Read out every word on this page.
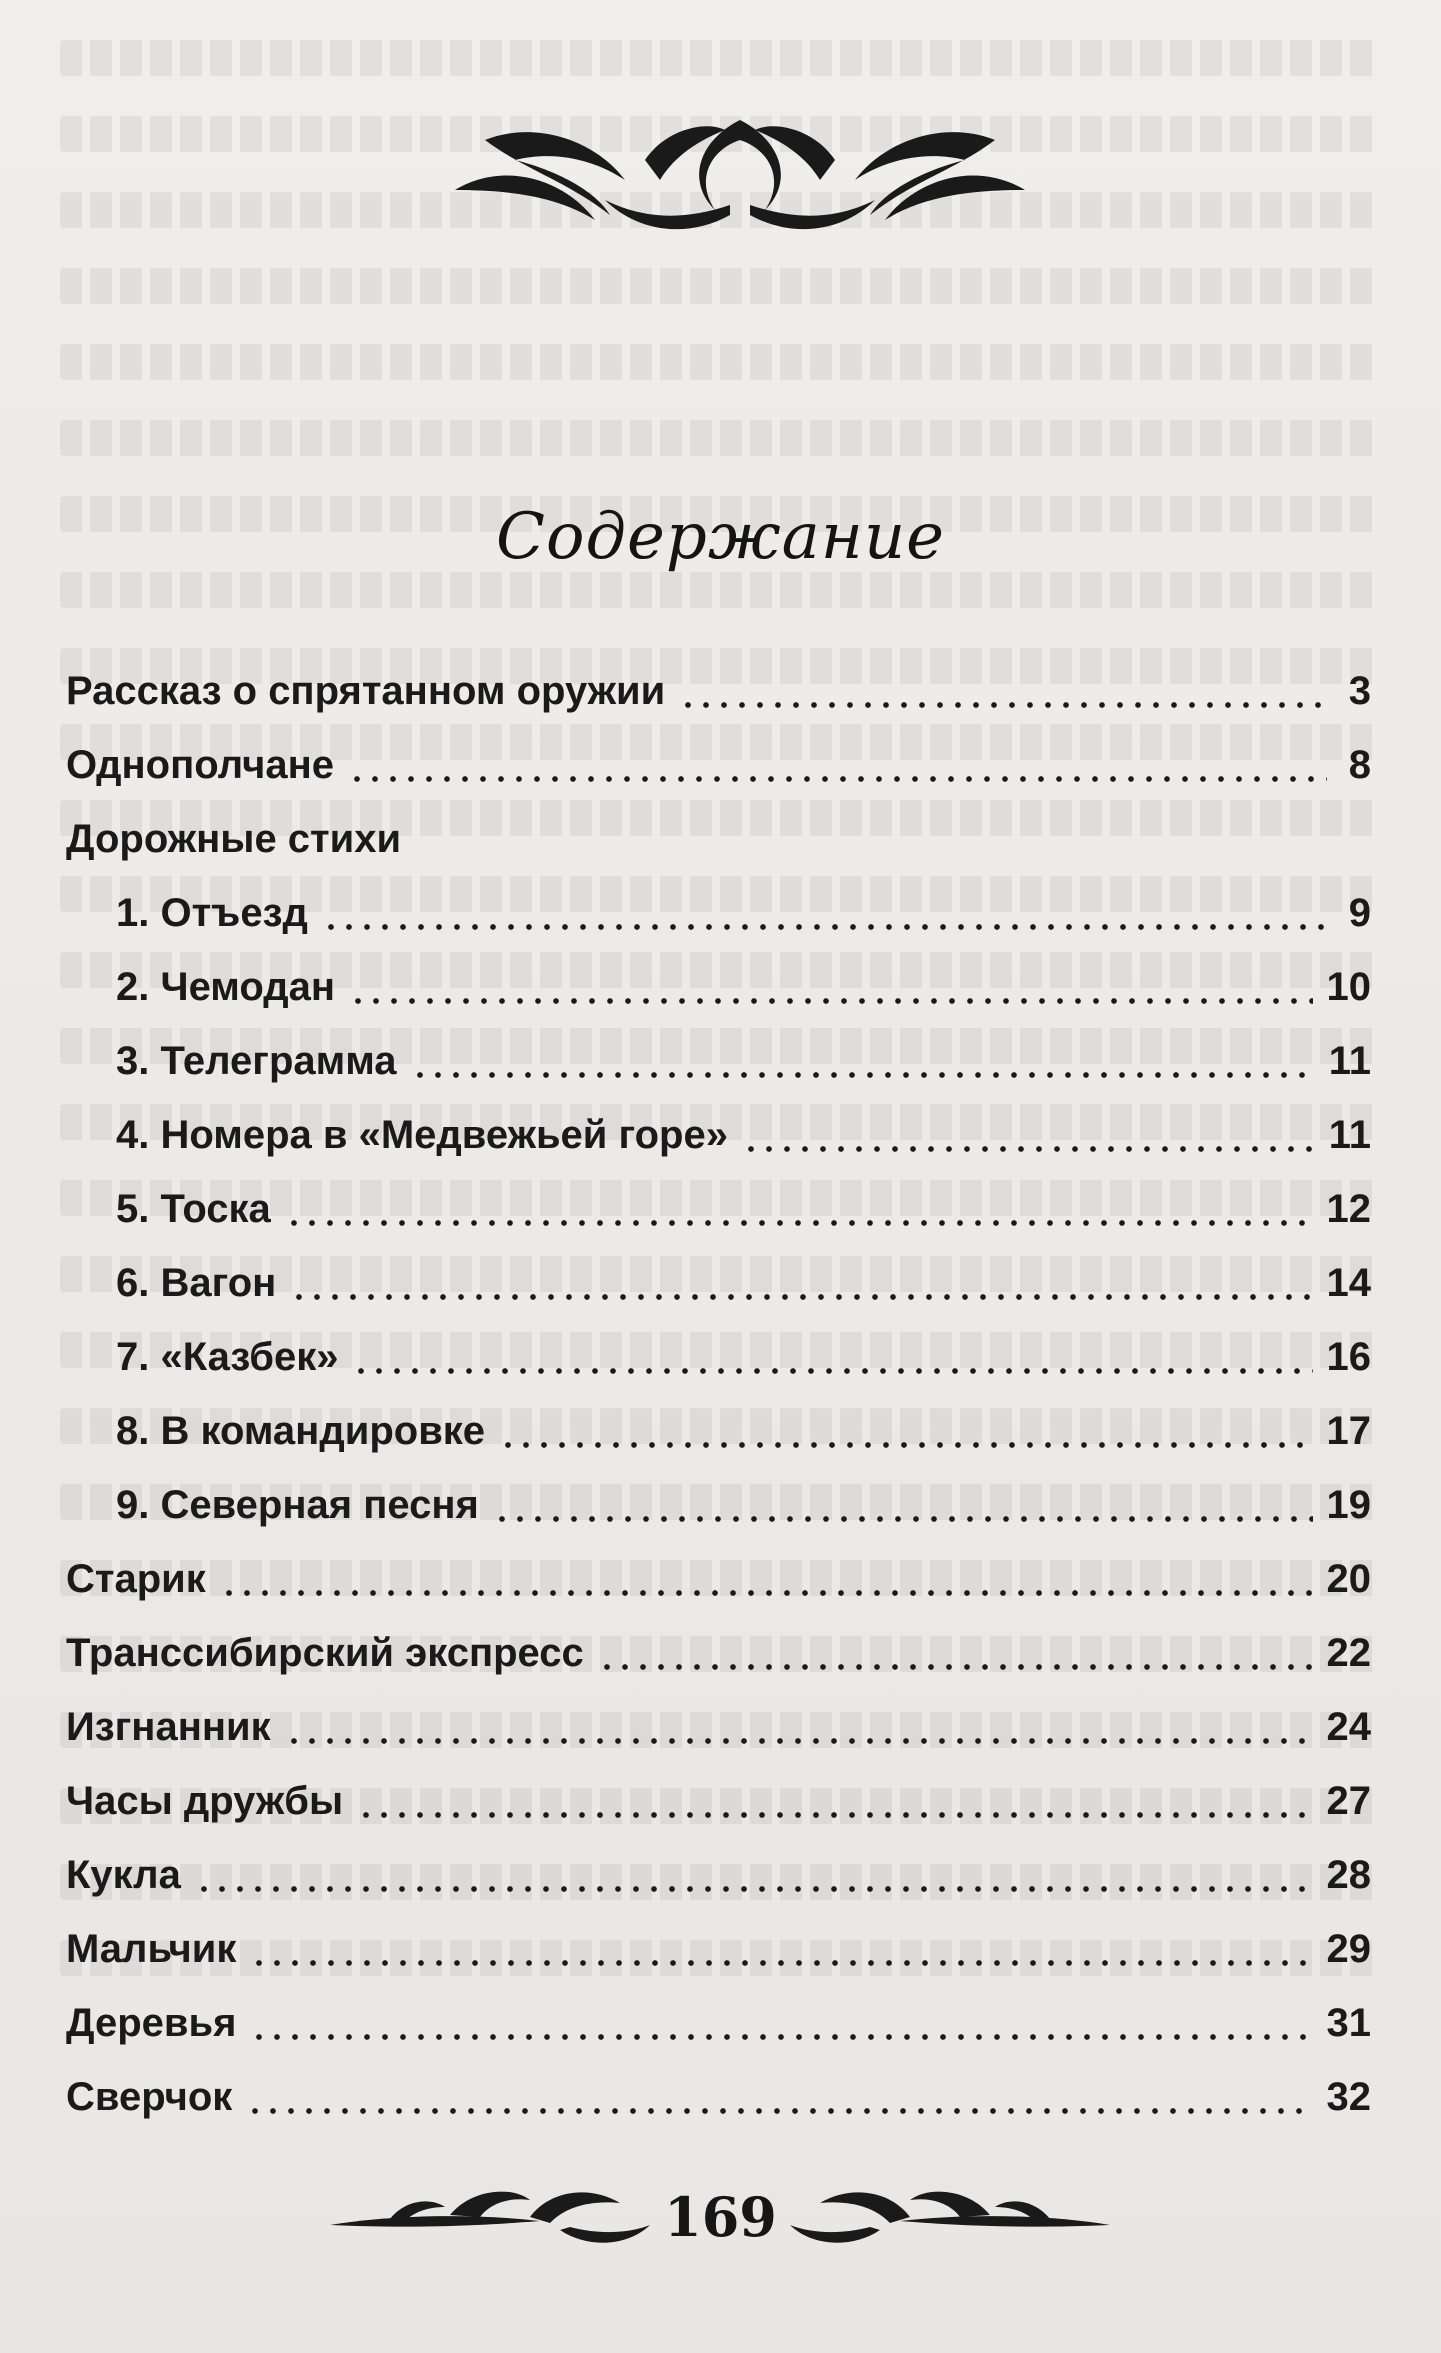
Содержание
Рассказ о спрятанном оружии	3
Однополчане	8
Дорожные стихи
1. Отъезд	9
2. Чемодан	10
3. Телеграмма	11
4. Номера в «Медвежьей горе»	11
5. Тоска	12
6. Вагон	14
7. «Казбек»	16
8. В командировке	17
9. Северная песня	19
Старик	20
Транссибирский экспресс	22
Изгнанник	24
Часы дружбы	27
Кукла	28
Мальчик	29
Деревья	31
Сверчок	32
169
